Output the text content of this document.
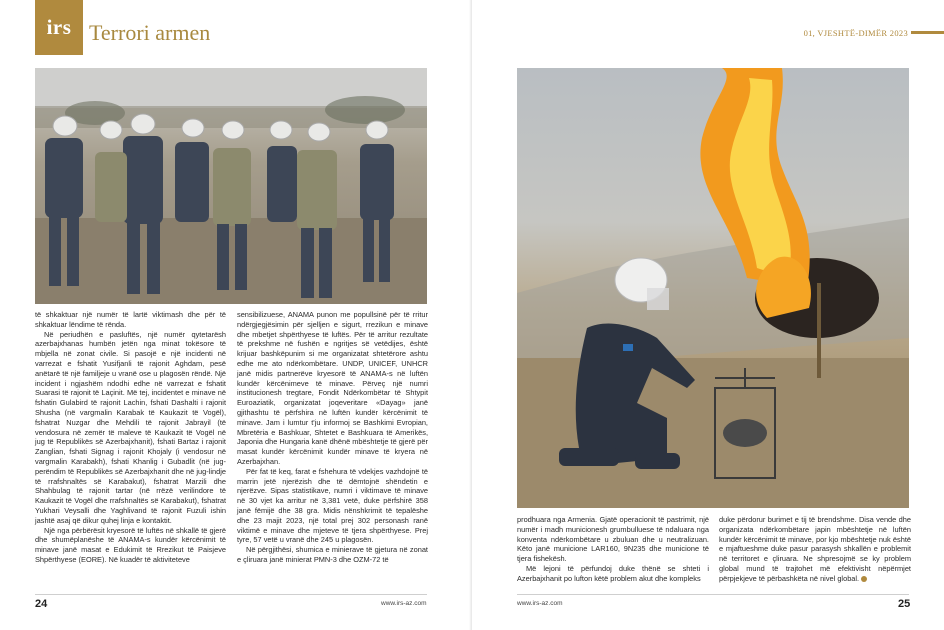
irs Terrori armen

të shkaktuar një numër të lartë viktimash dhe për të shkaktuar lëndime të rënda.

Në periudhën e pasluftës, një numër qytetarësh azerbajxhanas humbën jetën nga minat tokësore të mbjella në zonat civile. Si pasojë e një incidenti në varrezat e fshatit Yusifjanli të rajonit Aghdam, pesë anëtarë të një familjeje u vranë ose u plagosën rëndë. Një incident i ngjashëm ndodhi edhe në varrezat e fshatit Suarasi të rajonit të Laçinit. Më tej, incidentet e minave në fshatin Gulabird të rajonit Lachin, fshati Dashalti i rajonit Shusha (në vargmalin Karabak të Kaukazit të Vogël), fshatrat Nuzgar dhe Mehdili të rajonit Jabrayil (të vendosura në zemër të maleve të Kaukazit të Vogël në jug të Republikës së Azerbajxhanit), fshati Bartaz i rajonit Zanglian, fshati Signag i rajonit Khojaly (i vendosur në vargmalin Karabakh), fshati Khanlig i Gubadlit (në jug-perëndim të Republikës së Azerbajxhanit dhe në jug-lindje të rrafshnaltës së Karabakut), fshatrat Marzili dhe Shahbulag të rajonit tartar (në rrëzë verilindore të Kaukazit të Vogël dhe rrafshnaltës së Karabakut), fshatrat Yukhari Veysalli dhe Yaghlivand të rajonit Fuzuli ishin jashtë asaj që dikur quhej linja e kontaktit.

Një nga përbërësit kryesorë të luftës në shkallë të gjerë dhe shumëplanëshe të ANAMA-s kundër kërcënimit të minave janë masat e Edukimit të Rrezikut të Paisjeve Shpërthyese (EORE). Në kuadër të aktiviteteve

sensibilizuese, ANAMA punon me popullsinë për të rritur ndërgjegjësimin për sjelljen e sigurt, rrezikun e minave dhe mbetjet shpërthyese të luftës. Për të arritur rezultate të prekshme në fushën e ngritjes së vetëdijes, është krijuar bashkëpunim si me organizatat shtetërore ashtu edhe me ato ndërkombëtare. UNDP, UNICEF, UNHCR janë midis partnerëve kryesorë të ANAMA-s në luftën kundër kërcënimeve të minave. Përveç një numri institucionesh tregtare, Fondit Ndërkombëtar të Shtypit Euroaziatik, organizatat joqeveritare «Dayag» janë gjithashtu të përfshira në luftën kundër kërcënimit të minave. Jam i lumtur t'ju informoj se Bashkimi Evropian, Mbretëria e Bashkuar, Shtetet e Bashkuara të Amerikës, Japonia dhe Hungaria kanë dhënë mbështetje të gjerë për masat kundër kërcënimit kundër minave të kryera në Azerbajxhan.

Për fat të keq, farat e fshehura të vdekjes vazhdojnë të marrin jetë njerëzish dhe të dëmtojnë shëndetin e njerëzve. Sipas statistikave, numri i viktimave të minave në 30 vjet ka arritur në 3,381 vetë, duke përfshirë 358 janë fëmijë dhe 38 gra. Midis nënshkrimit të tepalëshe dhe 23 majit 2023, një total prej 302 personash ranë viktimë e minave dhe mjeteve të tjera shpërthyese. Prej tyre, 57 vetë u vranë dhe 245 u plagosën.

Në përgjithësi, shumica e minierave të gjetura në zonat e çliruara janë minierat PMN-3 dhe OZM-72 të

24	www.irs-az.com
01, VJESHTË-DIMËR 2023

prodhuara nga Armenia. Gjatë operacionit të pastrimit, një numër i madh municionesh grumbulluese të ndaluara nga konventa ndërkombëtare u zbuluan dhe u neutralizuan. Këto janë municione LAR160, 9N235 dhe municione të tjera fishekësh.

Më lejoni të përfundoj duke thënë se shteti i Azerbajxhanit po lufton këtë problem akut dhe kompleks

duke përdorur burimet e tij të brendshme. Disa vende dhe organizata ndërkombëtare japin mbështetje në luftën kundër kërcënimit të minave, por kjo mbështetje nuk është e mjaftueshme duke pasur parasysh shkallën e problemit në territoret e çliruara. Ne shpresojmë se ky problem global mund të trajtohet më efektivisht nëpërmjet përpjekjeve të përbashkëta në nivel global.

www.irs-az.com	25
